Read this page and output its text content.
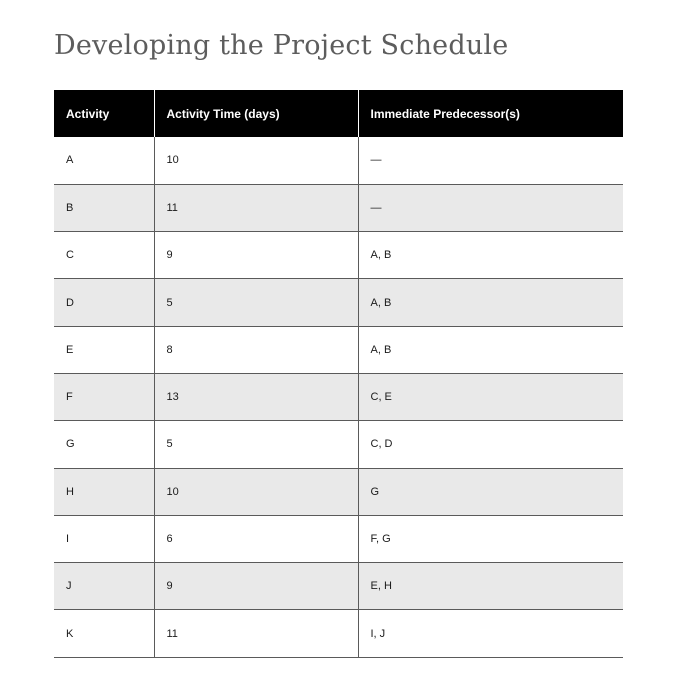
Developing the Project Schedule
Activity	Activity Time (days)	Immediate Predecessor(s)
A	10	—
B	11	—
C	9	A, B
D	5	A, B
E	8	A, B
F	13	C, E
G	5	C, D
H	10	G
I	6	F, G
J	9	E, H
K	11	I, J
